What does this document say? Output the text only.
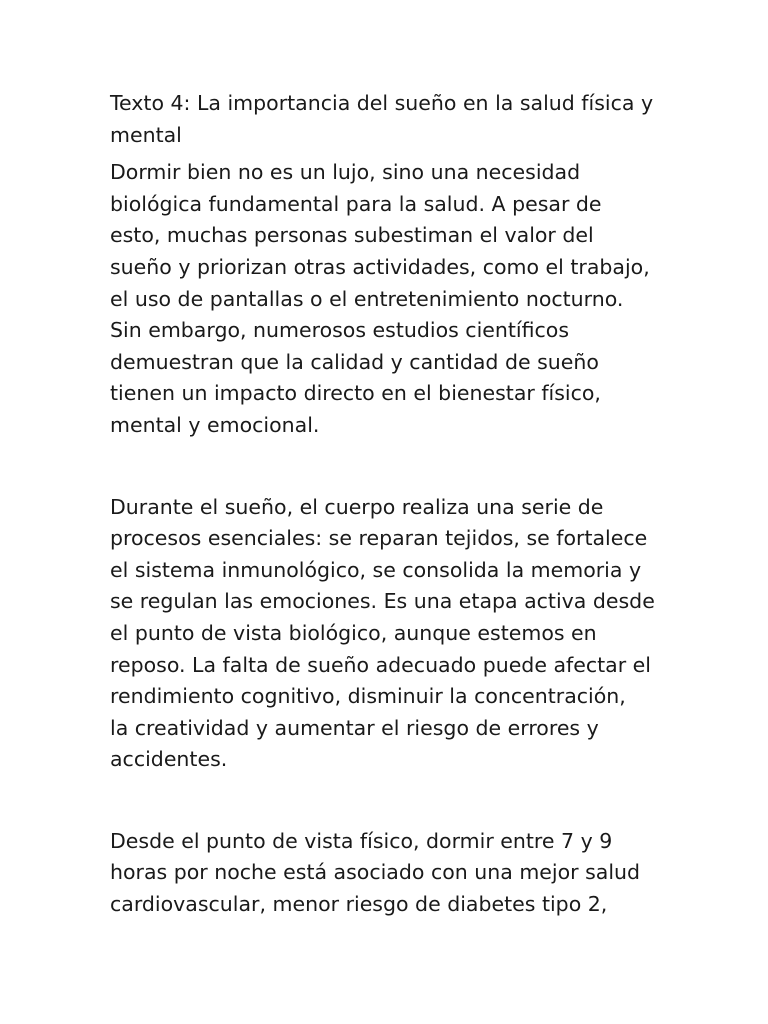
Texto 4: La importancia del sueño en la salud física y
mental

Dormir bien no es un lujo, sino una necesidad
biológica fundamental para la salud. A pesar de
esto, muchas personas subestiman el valor del
sueño y priorizan otras actividades, como el trabajo,
el uso de pantallas o el entretenimiento nocturno.
Sin embargo, numerosos estudios científicos
demuestran que la calidad y cantidad de sueño
tienen un impacto directo en el bienestar físico,
mental y emocional.

Durante el sueño, el cuerpo realiza una serie de
procesos esenciales: se reparan tejidos, se fortalece
el sistema inmunológico, se consolida la memoria y
se regulan las emociones. Es una etapa activa desde
el punto de vista biológico, aunque estemos en
reposo. La falta de sueño adecuado puede afectar el
rendimiento cognitivo, disminuir la concentración,
la creatividad y aumentar el riesgo de errores y
accidentes.

Desde el punto de vista físico, dormir entre 7 y 9
horas por noche está asociado con una mejor salud
cardiovascular, menor riesgo de diabetes tipo 2,
